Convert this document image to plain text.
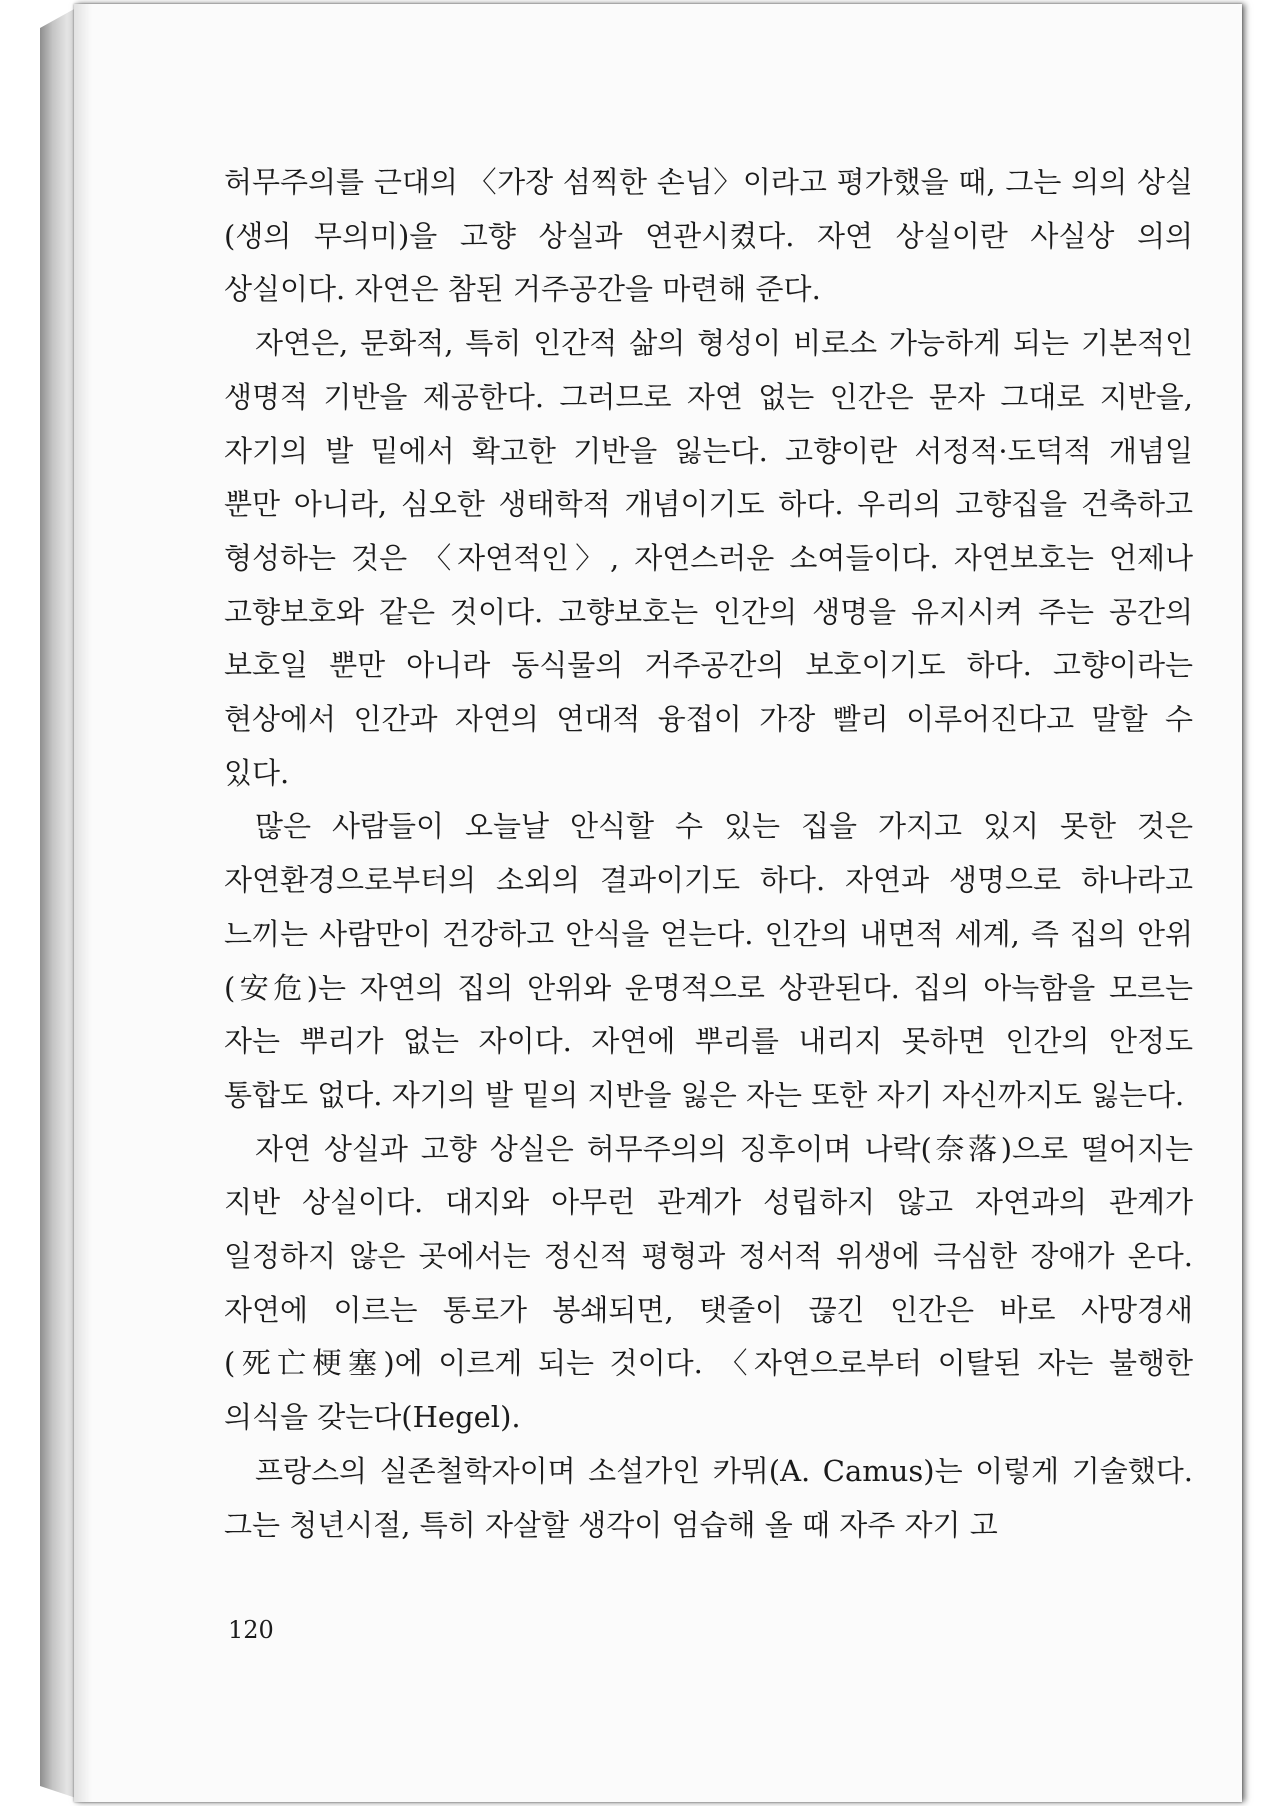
허무주의를 근대의 〈가장 섬찍한 손님〉이라고 평가했을 때, 그는 의의 상실(생의 무의미)을 고향 상실과 연관시켰다. 자연 상실이란 사실상 의의 상실이다. 자연은 참된 거주공간을 마련해 준다.

자연은, 문화적, 특히 인간적 삶의 형성이 비로소 가능하게 되는 기본적인 생명적 기반을 제공한다. 그러므로 자연 없는 인간은 문자 그대로 지반을, 자기의 발 밑에서 확고한 기반을 잃는다. 고향이란 서정적·도덕적 개념일 뿐만 아니라, 심오한 생태학적 개념이기도 하다. 우리의 고향집을 건축하고 형성하는 것은 〈자연적인〉, 자연스러운 소여들이다. 자연보호는 언제나 고향보호와 같은 것이다. 고향보호는 인간의 생명을 유지시켜 주는 공간의 보호일 뿐만 아니라 동식물의 거주공간의 보호이기도 하다. 고향이라는 현상에서 인간과 자연의 연대적 융접이 가장 빨리 이루어진다고 말할 수 있다.

많은 사람들이 오늘날 안식할 수 있는 집을 가지고 있지 못한 것은 자연환경으로부터의 소외의 결과이기도 하다. 자연과 생명으로 하나라고 느끼는 사람만이 건강하고 안식을 얻는다. 인간의 내면적 세계, 즉 집의 안위(安危)는 자연의 집의 안위와 운명적으로 상관된다. 집의 아늑함을 모르는 자는 뿌리가 없는 자이다. 자연에 뿌리를 내리지 못하면 인간의 안정도 통합도 없다. 자기의 발 밑의 지반을 잃은 자는 또한 자기 자신까지도 잃는다.

자연 상실과 고향 상실은 허무주의의 징후이며 나락(奈落)으로 떨어지는 지반 상실이다. 대지와 아무런 관계가 성립하지 않고 자연과의 관계가 일정하지 않은 곳에서는 정신적 평형과 정서적 위생에 극심한 장애가 온다. 자연에 이르는 통로가 봉쇄되면, 탯줄이 끊긴 인간은 바로 사망경새(死亡梗塞)에 이르게 되는 것이다. 〈자연으로부터 이탈된 자는 불행한 의식을 갖는다(Hegel).

프랑스의 실존철학자이며 소설가인 카뮈(A. Camus)는 이렇게 기술했다. 그는 청년시절, 특히 자살할 생각이 엄습해 올 때 자주 자기 고

120
